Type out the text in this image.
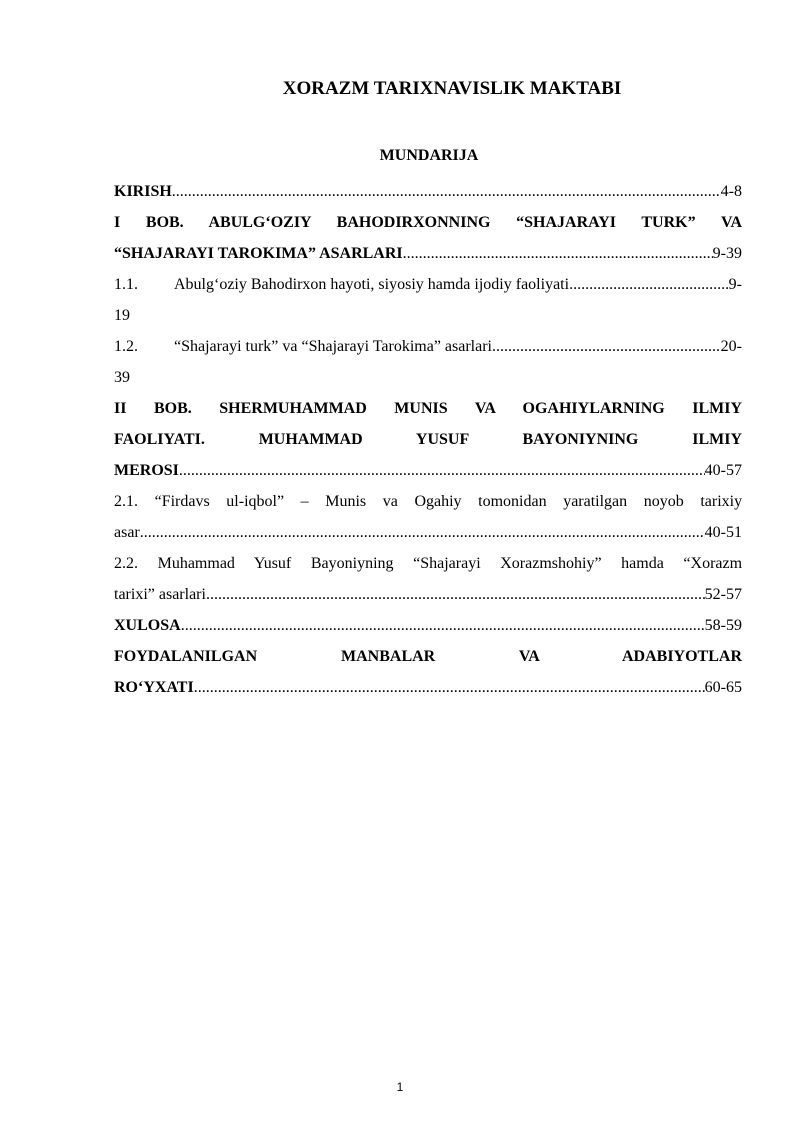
XORAZM TARIXNAVISLIK MAKTABI
MUNDARIJA
KIRISH .....	4-8
I BOB. ABULG‘OZIY BAHODIRXONNING “SHAJARAYI TURK” VA
“SHAJARAYI TAROKIMA” ASARLARI .....	9-39
1.1. Abulg‘oziy Bahodirxon hayoti, siyosiy hamda ijodiy faoliyati .....	9-
19
1.2. “Shajarayi turk” va “Shajarayi Tarokima” asarlari .....	20-
39
II BOB. SHERMUHAMMAD MUNIS VA OGAHIYLARNING ILMIY
FAOLIYATI.	MUHAMMAD	YUSUF	BAYONIYNING	ILMIY
MEROSI .....	40-57
2.1. “Firdavs ul-iqbol” – Munis va Ogahiy tomonidan yaratilgan noyob tarixiy
asar .....	40-51
2.2. Muhammad Yusuf Bayoniyning “Shajarayi Xorazmshohiy” hamda “Xorazm
tarixi” asarlari .....	52-57
XULOSA .....	58-59
FOYDALANILGAN	MANBALAR	VA	ADABIYOTLAR
RO‘YXATI .....	60-65
1
